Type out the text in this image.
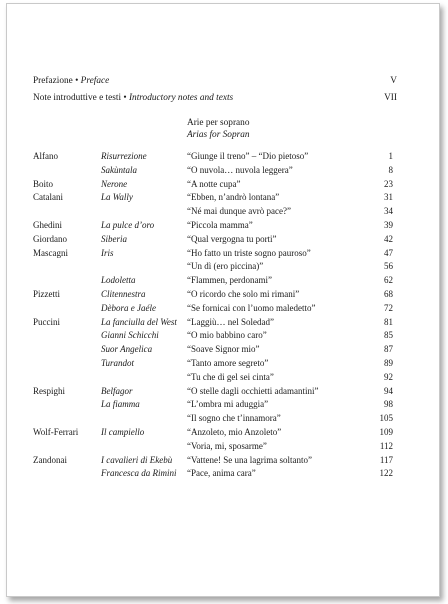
Prefazione • Preface	V
Note introduttive e testi • Introductory notes and texts	VII
Arie per soprano
Arias for Sopran
Alfano	Risurrezione	“Giunge il treno” – “Dio pietoso”	1
Sakùntala	“O nuvola… nuvola leggera”	8
Boito	Nerone	“A notte cupa”	23
Catalani	La Wally	“Ebben, n’andrò lontana”	31
“Né mai dunque avrò pace?”	34
Ghedini	La pulce d’oro	“Piccola mamma”	39
Giordano	Siberia	“Qual vergogna tu porti”	42
Mascagni	Iris	“Ho fatto un triste sogno pauroso”	47
“Un dì (ero piccina)”	56
Lodoletta	“Flammen, perdonami”	62
Pizzetti	Clitennestra	“O ricordo che solo mi rimani”	68
Dèbora e Jaéle	“Se fornicai con l’uomo maledetto”	72
Puccini	La fanciulla del West “Laggiù… nel Soledad”	81
Gianni Schicchi	“O mio babbino caro”	85
Suor Angelica	“Soave Signor mio”	87
Turandot	“Tanto amore segreto”	89
“Tu che di gel sei cinta”	92
Respighi	Belfagor	“O stelle dagli occhietti adamantini”	94
La fiamma	“L’ombra mi aduggia”	98
“Il sogno che t’innamora”	105
Wolf-Ferrari	Il campiello	“Anzoleto, mio Anzoleto”	109
“Voria, mi, sposarme”	112
Zandonai	I cavalieri di Ekebù “Vattene! Se una lagrima soltanto”	117
Francesca da Rimini “Pace, anima cara”	122
